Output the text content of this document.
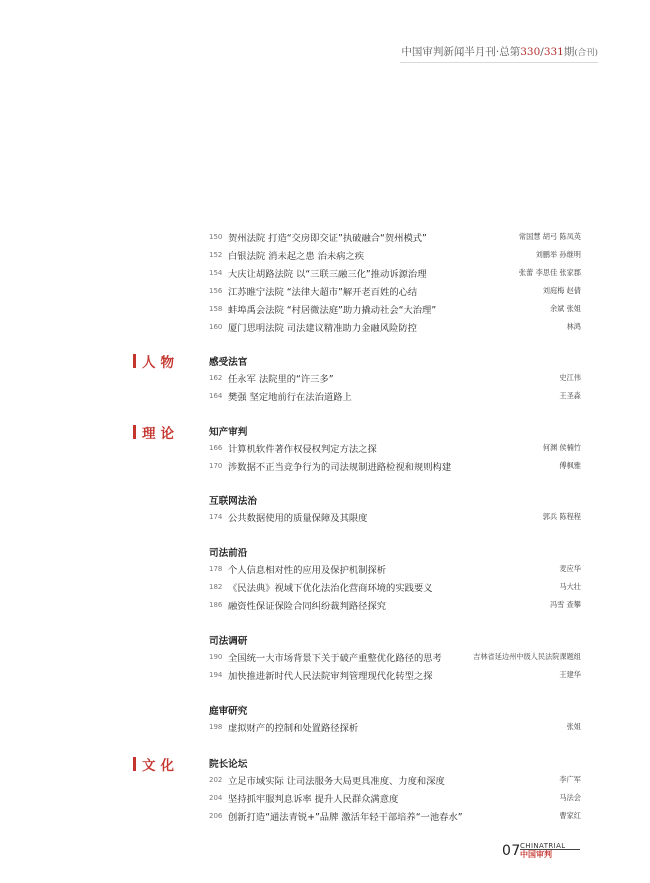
中国审判新闻半月刊·总第330/331期(合刊)
150 贺州法院 打造“交房即交证”执破融合“贺州模式”	常国慧 胡弓 陈凤英
152 白银法院 消未起之患 治未病之疾	刘鹏举 孙继明
154 大庆让胡路法院 以“三联三融三化”推动诉源治理	张蕾 李思佳 张家郡
156 江苏睢宁法院 “法律大超市”解开老百姓的心结	刘庭梅 赵倩
158 蚌埠禹会法院 “村居微法庭”助力撬动社会“大治理”	余斌 张姐
160 厦门思明法院 司法建议精准助力金融风险防控	林鸿
人物	感受法官
162 任永军 法院里的“许三多”	史江伟
164 樊强 坚定地前行在法治道路上	王圣淼
理论	知产审判
166 计算机软件著作权侵权判定方法之探	何渊 侯楠竹
170 涉数据不正当竞争行为的司法规制进路检视和规则构建	傅枫雅
互联网法治
174 公共数据使用的质量保障及其限度	郭兵 陈程程
司法前沿
178 个人信息相对性的应用及保护机制探析	麦应华
182 《民法典》视域下优化法治化营商环境的实践要义	马大壮
186 融资性保证保险合同纠纷裁判路径探究	冯雪 查攀
司法调研
190 全国统一大市场背景下关于破产重整优化路径的思考	吉林省延边州中级人民法院课题组
194 加快推进新时代人民法院审判管理现代化转型之探	王建华
庭审研究
198 虚拟财产的控制和处置路径探析	张姐
文化	院长论坛
202 立足市域实际 让司法服务大局更具准度、力度和深度	李广军
204 坚持抓牢服判息诉率 提升人民群众满意度	马法会
206 创新打造“通法青锐+”品牌 激活年轻干部培养“一池春水”	曹家红
07 CHINATRIAL
中国审判
